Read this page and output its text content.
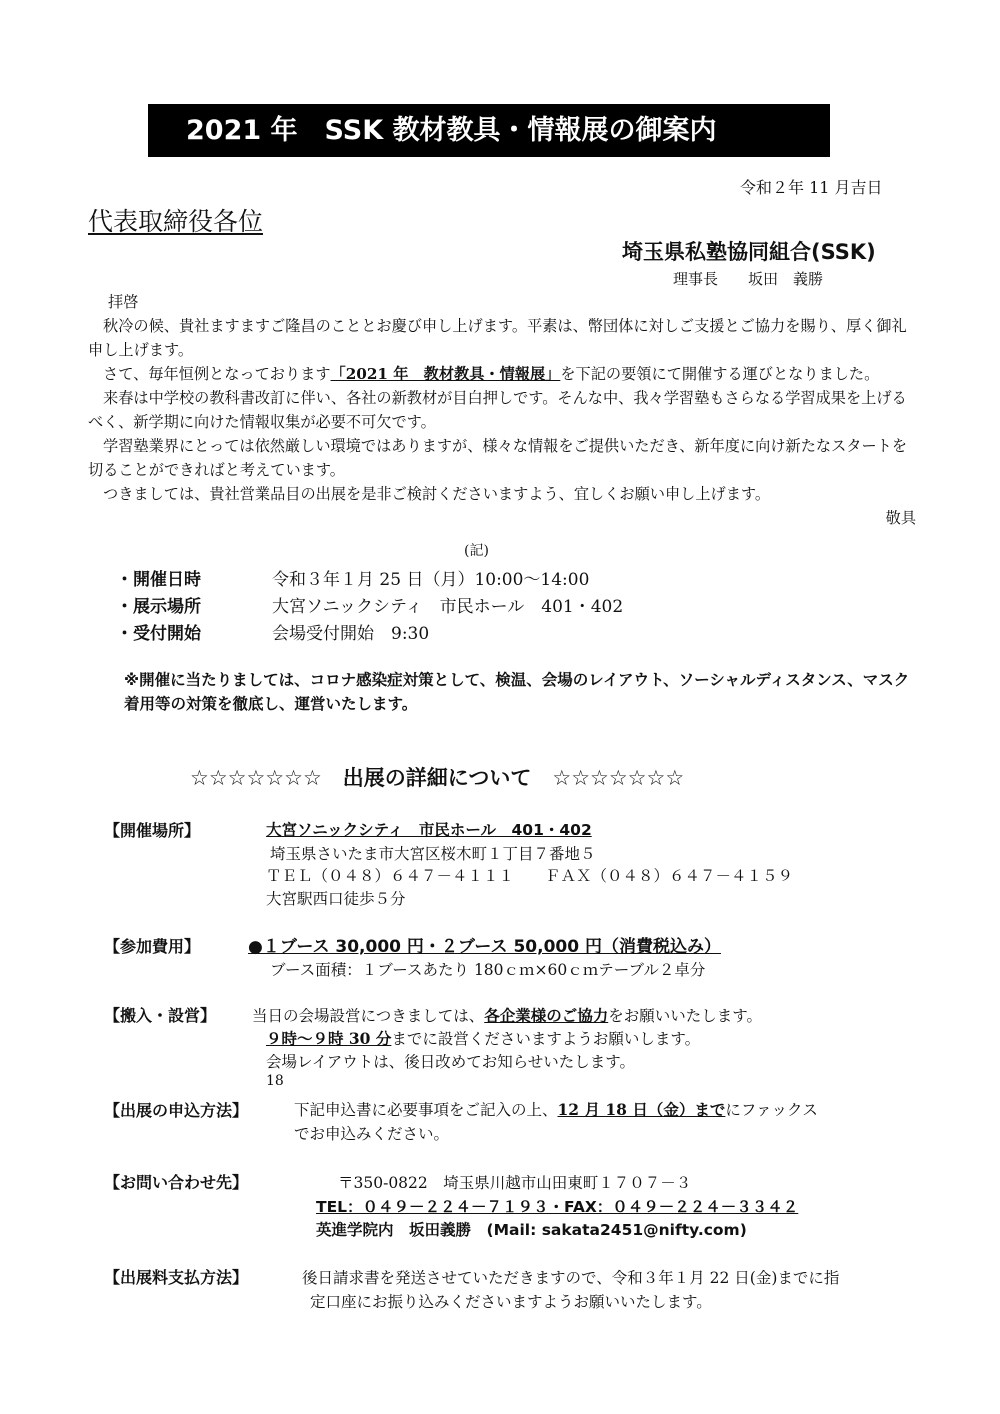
2021 年　SSK 教材教具・情報展の御案内
令和２年 11 月吉日
代表取締役各位
埼玉県私塾協同組合(SSK)
理事長　　坂田　義勝

拝啓

秋冷の候、貴社ますますご隆昌のこととお慶び申し上げます。平素は、幣団体に対しご支援とご協力を賜り、厚く御礼申し上げます。

さて、毎年恒例となっております「2021 年　教材教具・情報展」を下記の要領にて開催する運びとなりました。

来春は中学校の教科書改訂に伴い、各社の新教材が目白押しです。そんな中、我々学習塾もさらなる学習成果を上げるべく、新学期に向けた情報収集が必要不可欠です。

学習塾業界にとっては依然厳しい環境ではありますが、様々な情報をご提供いただき、新年度に向け新たなスタートを切ることができればと考えています。

つきましては、貴社営業品目の出展を是非ご検討くださいますよう、宜しくお願い申し上げます。

敬具

(記)
・開催日時	令和３年１月 25 日（月）10:00～14:00
・展示場所	大宮ソニックシティ　市民ホール　401・402
・受付開始	会場受付開始　9:30
※開催に当たりましては、コロナ感染症対策として、検温、会場のレイアウト、ソーシャルディスタンス、マスク着用等の対策を徹底し、運営いたします。
☆☆☆☆☆☆☆　出展の詳細について　☆☆☆☆☆☆☆
【開催場所】	大宮ソニックシティ　市民ホール　401・402
埼玉県さいたま市大宮区桜木町１丁目７番地５
ＴＥＬ（０４８）６４７－４１１１　　ＦＡＸ（０４８）６４７－４１５９
大宮駅西口徒歩５分
【参加費用】	●１ブース 30,000 円・２ブース 50,000 円（消費税込み）
ブース面積：１ブースあたり 180ｃｍ×60ｃｍテーブル２卓分
【搬入・設営】 当日の会場設営につきましては、各企業様のご協力をお願いいたします。
９時～９時 30 分までに設営くださいますようお願いします。
会場レイアウトは、後日改めてお知らせいたします。
18
【出展の申込方法】	下記申込書に必要事項をご記入の上、12 月 18 日（金）までにファックス
でお申込みください。
【お問い合わせ先】	〒350-0822　埼玉県川越市山田東町１７０７－３
TEL：０４９－２２４－７１９３・FAX：０４９－２２４－３３４２
英進学院内　坂田義勝　(Mail: sakata2451@nifty.com)
【出展料支払方法】	後日請求書を発送させていただきますので、令和３年１月 22 日(金)までに指
定口座にお振り込みくださいますようお願いいたします。
